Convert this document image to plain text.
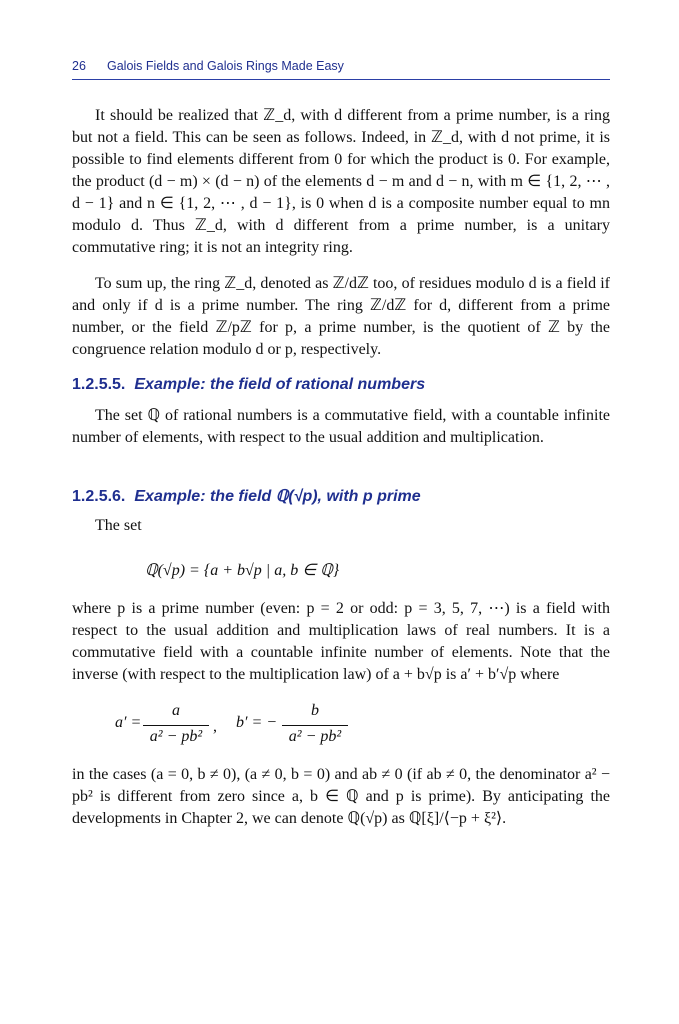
26 Galois Fields and Galois Rings Made Easy

It should be realized that ℤ_d, with d different from a prime number, is a ring but not a field. This can be seen as follows. Indeed, in ℤ_d, with d not prime, it is possible to find elements different from 0 for which the product is 0. For example, the product (d − m) × (d − n) of the elements d − m and d − n, with m ∈ {1, 2, ⋯ , d − 1} and n ∈ {1, 2, ⋯ , d − 1}, is 0 when d is a composite number equal to mn modulo d. Thus ℤ_d, with d different from a prime number, is a unitary commutative ring; it is not an integrity ring.

To sum up, the ring ℤ_d, denoted as ℤ/dℤ too, of residues modulo d is a field if and only if d is a prime number. The ring ℤ/dℤ for d, different from a prime number, or the field ℤ/pℤ for p, a prime number, is the quotient of ℤ by the congruence relation modulo d or p, respectively.

1.2.5.5. Example: the field of rational numbers

The set ℚ of rational numbers is a commutative field, with a countable infinite number of elements, with respect to the usual addition and multiplication.

1.2.5.6. Example: the field ℚ(√p), with p prime

The set

ℚ(√p) = {a + b√p | a, b ∈ ℚ}

where p is a prime number (even: p = 2 or odd: p = 3, 5, 7, ⋯) is a field with respect to the usual addition and multiplication laws of real numbers. It is a commutative field with a countable infinite number of elements. Note that the inverse (with respect to the multiplication law) of a + b√p is a′ + b′√p where

a′ =
a
a² − pb²
, b′ = −
b
a² − pb²

in the cases (a = 0, b ≠ 0), (a ≠ 0, b = 0) and ab ≠ 0 (if ab ≠ 0, the denominator a² − pb² is different from zero since a, b ∈ ℚ and p is prime). By anticipating the developments in Chapter 2, we can denote ℚ(√p) as ℚ[ξ]/⟨−p + ξ²⟩.
